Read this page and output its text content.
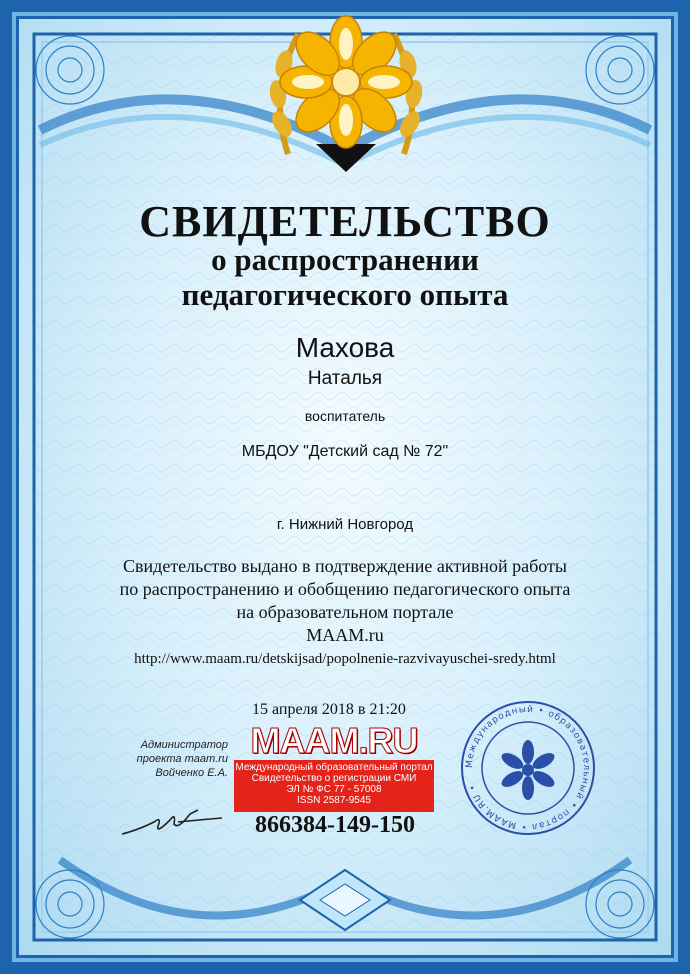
СВИДЕТЕЛЬСТВО
о распространении
педагогического опыта
Махова
Наталья
воспитатель
МБДОУ "Детский сад № 72"
г. Нижний Новгород
Свидетельство выдано в подтверждение активной работы
по распространению и обобщению педагогического опыта
на образовательном портале
MAAM.ru
http://www.maam.ru/detskijsad/popolnenie-razvivayuschei-sredy.html
15 апреля 2018 в 21:20
Администратор
проекта maam.ru
Войченко Е.А.
MAAM.RU
Международный образовательный портал
Свидетельство о регистрации СМИ
ЭЛ № ФС 77 - 57008
ISSN 2587-9545
866384-149-150
Международный • образовательный • портал • MAAM.RU •
